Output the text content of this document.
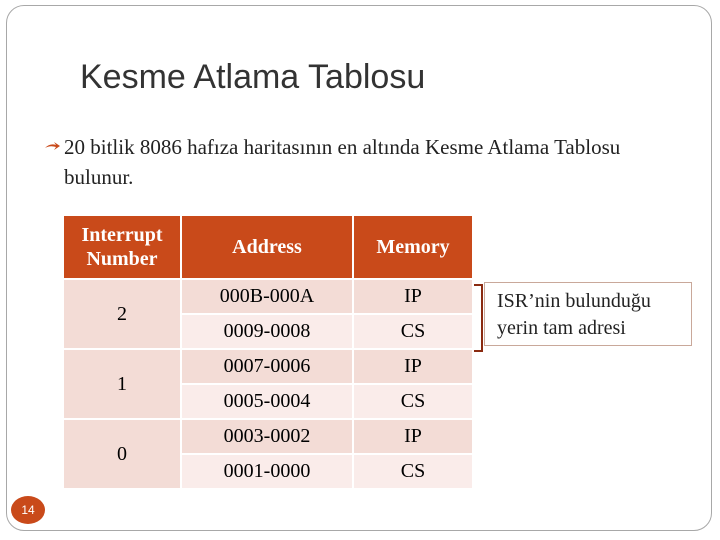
Kesme Atlama Tablosu
20 bitlik 8086 hafıza haritasının en altında Kesme Atlama Tablosu bulunur.
Interrupt Number	Address	Memory
2	000B-000A	IP
	0009-0008	CS
1	0007-0006	IP
	0005-0004	CS
0	0003-0002	IP
	0001-0000	CS
ISR’nin bulunduğu yerin tam adresi
14
